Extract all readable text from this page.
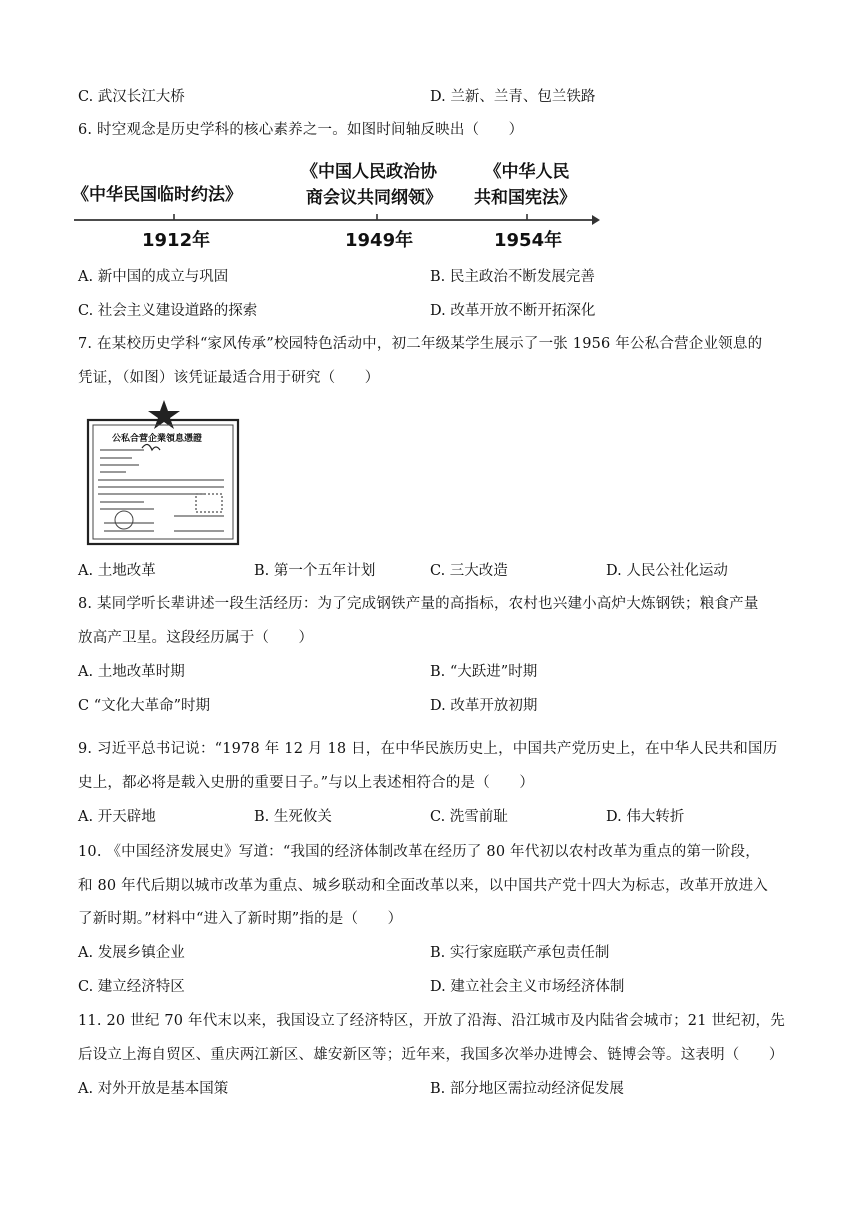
C. 武汉长江大桥	D. 兰新、兰青、包兰铁路
6. 时空观念是历史学科的核心素养之一。如图时间轴反映出（　　）
《中华民国临时约法》
《中国人民政治协
商会议共同纲领》
《中华人民
共和国宪法》
1912年	1949年	1954年
A. 新中国的成立与巩固	B. 民主政治不断发展完善
C. 社会主义建设道路的探索	D. 改革开放不断开拓深化
7. 在某校历史学科“家风传承”校园特色活动中，初二年级某学生展示了一张 1956 年公私合营企业领息的
凭证，（如图）该凭证最适合用于研究（　　）
公私合营企業領息憑證
A. 土地改革	B. 第一个五年计划	C. 三大改造	D. 人民公社化运动
8. 某同学听长辈讲述一段生活经历：为了完成钢铁产量的高指标，农村也兴建小高炉大炼钢铁；粮食产量
放高产卫星。这段经历属于（　　）
A. 土地改革时期	B. “大跃进”时期
C “文化大革命”时期	D. 改革开放初期
9. 习近平总书记说：“1978 年 12 月 18 日，在中华民族历史上，中国共产党历史上，在中华人民共和国历
史上，都必将是载入史册的重要日子。”与以上表述相符合的是（　　）
A. 开天辟地	B. 生死攸关	C. 洗雪前耻	D. 伟大转折
10. 《中国经济发展史》写道：“我国的经济体制改革在经历了 80 年代初以农村改革为重点的第一阶段，
和 80 年代后期以城市改革为重点、城乡联动和全面改革以来，以中国共产党十四大为标志，改革开放进入
了新时期。”材料中“进入了新时期”指的是（　　）
A. 发展乡镇企业	B. 实行家庭联产承包责任制
C. 建立经济特区	D. 建立社会主义市场经济体制
11. 20 世纪 70 年代末以来，我国设立了经济特区，开放了沿海、沿江城市及内陆省会城市；21 世纪初，先
后设立上海自贸区、重庆两江新区、雄安新区等；近年来，我国多次举办进博会、链博会等。这表明（　　）
A. 对外开放是基本国策	B. 部分地区需拉动经济促发展
